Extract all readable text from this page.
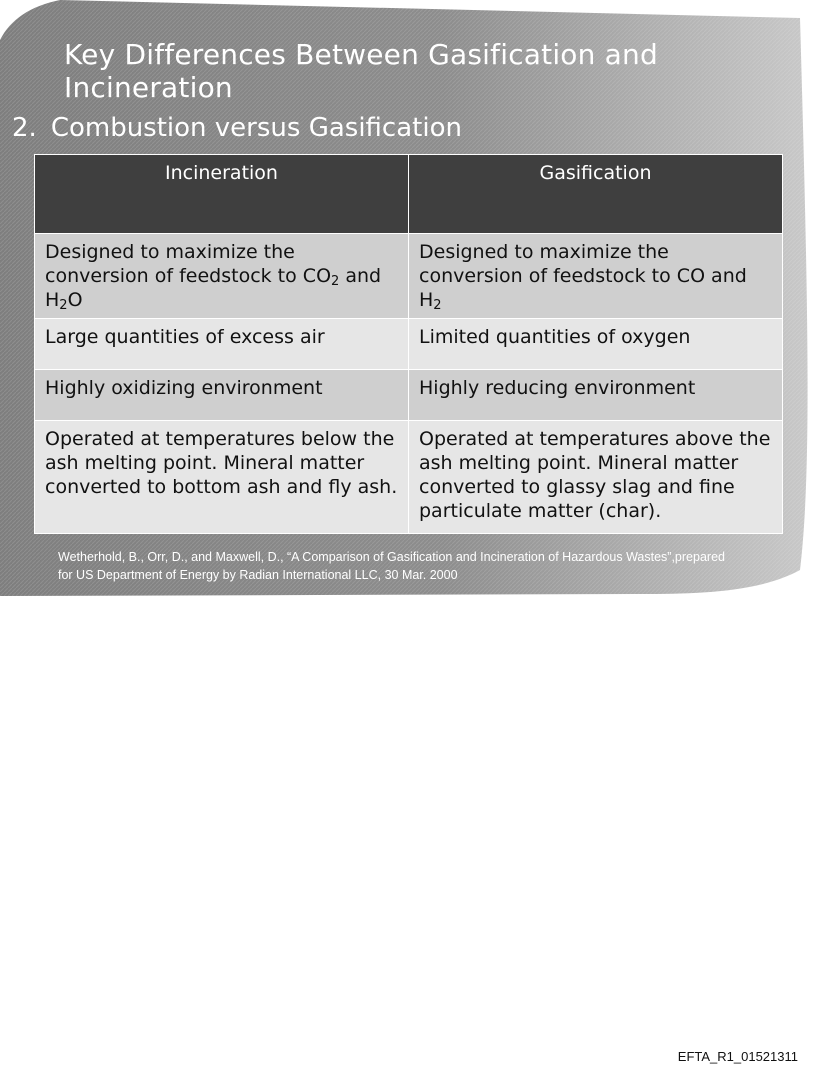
Key Differences Between Gasification and Incineration
2. Combustion versus Gasification
Incineration	Gasification
Designed to maximize the conversion of feedstock to $CO_2$ and $H_2O$	Designed to maximize the conversion of feedstock to CO and $H_2$
Large quantities of excess air	Limited quantities of oxygen
Highly oxidizing environment	Highly reducing environment
Operated at temperatures below the ash melting point. Mineral matter converted to bottom ash and fly ash.	Operated at temperatures above the ash melting point. Mineral matter converted to glassy slag and fine particulate matter (char).
Wetherhold, B., Orr, D., and Maxwell, D., “A Comparison of Gasification and Incineration of Hazardous Wastes”,prepared for US Department of Energy by Radian International LLC, 30 Mar. 2000
EFTA_R1_01521311
